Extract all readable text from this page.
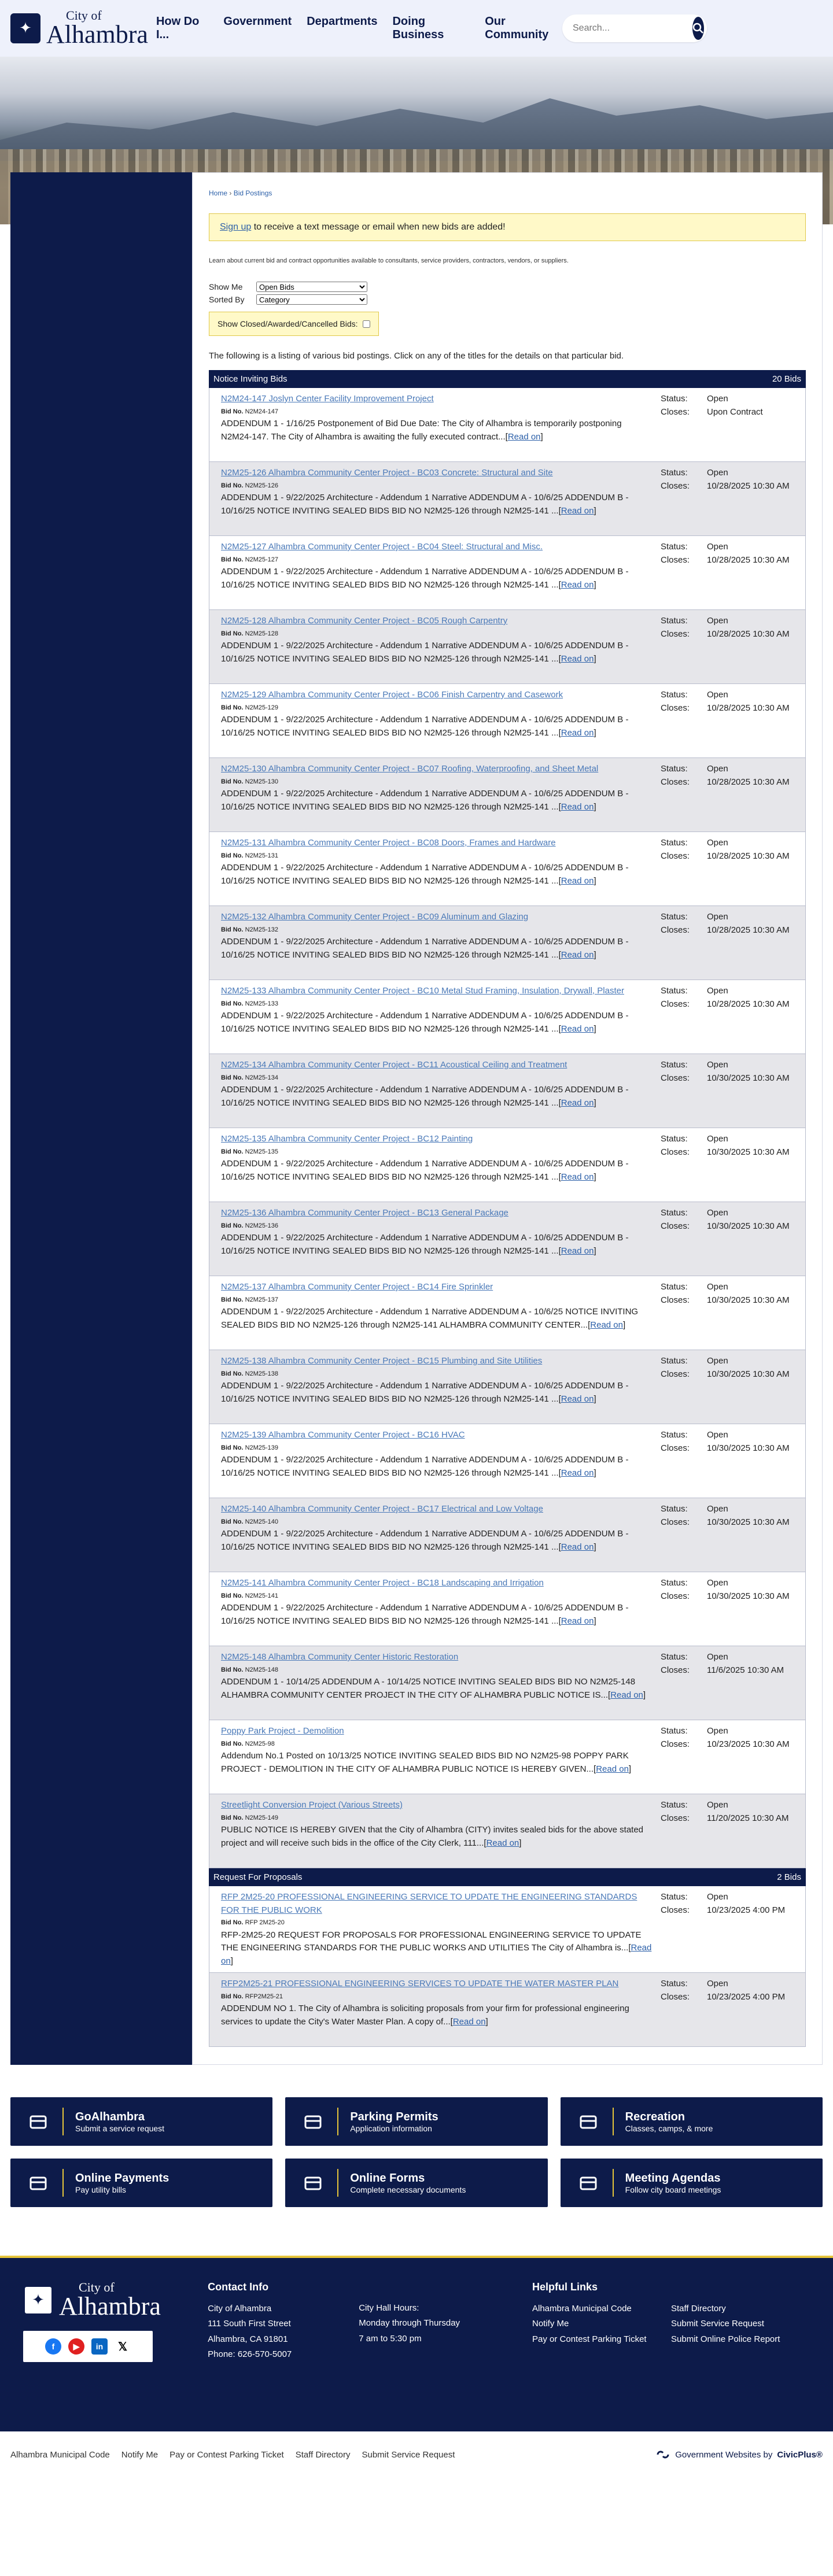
✦
City of
Alhambra How Do I...
Government Departments Doing Business
Our Community
Search...
Home › Bid Postings
Sign up to receive a text message or email when new bids are added!

Learn about current bid and contract opportunities available to consultants, service providers, contractors, vendors, or suppliers.

Show Me
Open Bids
Sorted By
Category
Show Closed/Awarded/Cancelled Bids:

The following is a listing of various bid postings. Click on any of the titles for the details on that particular bid.

Notice Inviting Bids	20 Bids
N2M24-147 Joslyn Center Facility Improvement Project
Bid No. N2M24-147
ADDENDUM 1 - 1/16/25 Postponement of Bid Due Date: The City of Alhambra is temporarily postponing N2M24-147. The City of Alhambra is awaiting the fully executed contract...[Read on]
Status:	Open
Closes:	Upon Contract
N2M25-126 Alhambra Community Center Project - BC03 Concrete: Structural and Site
Bid No. N2M25-126
ADDENDUM 1 - 9/22/2025 Architecture - Addendum 1 Narrative ADDENDUM A - 10/6/25 ADDENDUM B - 10/16/25 NOTICE INVITING SEALED BIDS BID NO N2M25-126 through N2M25-141 ...[Read on]
Status:	Open
Closes:	10/28/2025 10:30 AM
N2M25-127 Alhambra Community Center Project - BC04 Steel: Structural and Misc.
Bid No. N2M25-127
ADDENDUM 1 - 9/22/2025 Architecture - Addendum 1 Narrative ADDENDUM A - 10/6/25 ADDENDUM B - 10/16/25 NOTICE INVITING SEALED BIDS BID NO N2M25-126 through N2M25-141 ...[Read on]
Status:	Open
Closes:	10/28/2025 10:30 AM
N2M25-128 Alhambra Community Center Project - BC05 Rough Carpentry
Bid No. N2M25-128
ADDENDUM 1 - 9/22/2025 Architecture - Addendum 1 Narrative ADDENDUM A - 10/6/25 ADDENDUM B - 10/16/25 NOTICE INVITING SEALED BIDS BID NO N2M25-126 through N2M25-141 ...[Read on]
Status:	Open
Closes:	10/28/2025 10:30 AM
N2M25-129 Alhambra Community Center Project - BC06 Finish Carpentry and Casework
Bid No. N2M25-129
ADDENDUM 1 - 9/22/2025 Architecture - Addendum 1 Narrative ADDENDUM A - 10/6/25 ADDENDUM B - 10/16/25 NOTICE INVITING SEALED BIDS BID NO N2M25-126 through N2M25-141 ...[Read on]
Status:	Open
Closes:	10/28/2025 10:30 AM
N2M25-130 Alhambra Community Center Project - BC07 Roofing, Waterproofing, and Sheet Metal
Bid No. N2M25-130
ADDENDUM 1 - 9/22/2025 Architecture - Addendum 1 Narrative ADDENDUM A - 10/6/25 ADDENDUM B - 10/16/25 NOTICE INVITING SEALED BIDS BID NO N2M25-126 through N2M25-141 ...[Read on]
Status:	Open
Closes:	10/28/2025 10:30 AM
N2M25-131 Alhambra Community Center Project - BC08 Doors, Frames and Hardware
Bid No. N2M25-131
ADDENDUM 1 - 9/22/2025 Architecture - Addendum 1 Narrative ADDENDUM A - 10/6/25 ADDENDUM B - 10/16/25 NOTICE INVITING SEALED BIDS BID NO N2M25-126 through N2M25-141 ...[Read on]
Status:	Open
Closes:	10/28/2025 10:30 AM
N2M25-132 Alhambra Community Center Project - BC09 Aluminum and Glazing
Bid No. N2M25-132
ADDENDUM 1 - 9/22/2025 Architecture - Addendum 1 Narrative ADDENDUM A - 10/6/25 ADDENDUM B - 10/16/25 NOTICE INVITING SEALED BIDS BID NO N2M25-126 through N2M25-141 ...[Read on]
Status:	Open
Closes:	10/28/2025 10:30 AM
N2M25-133 Alhambra Community Center Project - BC10 Metal Stud Framing, Insulation, Drywall, Plaster
Bid No. N2M25-133
ADDENDUM 1 - 9/22/2025 Architecture - Addendum 1 Narrative ADDENDUM A - 10/6/25 ADDENDUM B - 10/16/25 NOTICE INVITING SEALED BIDS BID NO N2M25-126 through N2M25-141 ...[Read on]
Status:	Open
Closes:	10/28/2025 10:30 AM
N2M25-134 Alhambra Community Center Project - BC11 Acoustical Ceiling and Treatment
Bid No. N2M25-134
ADDENDUM 1 - 9/22/2025 Architecture - Addendum 1 Narrative ADDENDUM A - 10/6/25 ADDENDUM B - 10/16/25 NOTICE INVITING SEALED BIDS BID NO N2M25-126 through N2M25-141 ...[Read on]
Status:	Open
Closes:	10/30/2025 10:30 AM
N2M25-135 Alhambra Community Center Project - BC12 Painting
Bid No. N2M25-135
ADDENDUM 1 - 9/22/2025 Architecture - Addendum 1 Narrative ADDENDUM A - 10/6/25 ADDENDUM B - 10/16/25 NOTICE INVITING SEALED BIDS BID NO N2M25-126 through N2M25-141 ...[Read on]
Status:	Open
Closes:	10/30/2025 10:30 AM
N2M25-136 Alhambra Community Center Project - BC13 General Package
Bid No. N2M25-136
ADDENDUM 1 - 9/22/2025 Architecture - Addendum 1 Narrative ADDENDUM A - 10/6/25 ADDENDUM B - 10/16/25 NOTICE INVITING SEALED BIDS BID NO N2M25-126 through N2M25-141 ...[Read on]
Status:	Open
Closes:	10/30/2025 10:30 AM
N2M25-137 Alhambra Community Center Project - BC14 Fire Sprinkler
Bid No. N2M25-137
ADDENDUM 1 - 9/22/2025 Architecture - Addendum 1 Narrative ADDENDUM A - 10/6/25 NOTICE INVITING SEALED BIDS BID NO N2M25-126 through N2M25-141 ALHAMBRA COMMUNITY CENTER...[Read on]
Status:	Open
Closes:	10/30/2025 10:30 AM
N2M25-138 Alhambra Community Center Project - BC15 Plumbing and Site Utilities
Bid No. N2M25-138
ADDENDUM 1 - 9/22/2025 Architecture - Addendum 1 Narrative ADDENDUM A - 10/6/25 ADDENDUM B - 10/16/25 NOTICE INVITING SEALED BIDS BID NO N2M25-126 through N2M25-141 ...[Read on]
Status:	Open
Closes:	10/30/2025 10:30 AM
N2M25-139 Alhambra Community Center Project - BC16 HVAC
Bid No. N2M25-139
ADDENDUM 1 - 9/22/2025 Architecture - Addendum 1 Narrative ADDENDUM A - 10/6/25 ADDENDUM B - 10/16/25 NOTICE INVITING SEALED BIDS BID NO N2M25-126 through N2M25-141 ...[Read on]
Status:	Open
Closes:	10/30/2025 10:30 AM
N2M25-140 Alhambra Community Center Project - BC17 Electrical and Low Voltage
Bid No. N2M25-140
ADDENDUM 1 - 9/22/2025 Architecture - Addendum 1 Narrative ADDENDUM A - 10/6/25 ADDENDUM B - 10/16/25 NOTICE INVITING SEALED BIDS BID NO N2M25-126 through N2M25-141 ...[Read on]
Status:	Open
Closes:	10/30/2025 10:30 AM
N2M25-141 Alhambra Community Center Project - BC18 Landscaping and Irrigation
Bid No. N2M25-141
ADDENDUM 1 - 9/22/2025 Architecture - Addendum 1 Narrative ADDENDUM A - 10/6/25 ADDENDUM B - 10/16/25 NOTICE INVITING SEALED BIDS BID NO N2M25-126 through N2M25-141 ...[Read on]
Status:	Open
Closes:	10/30/2025 10:30 AM
N2M25-148 Alhambra Community Center Historic Restoration
Bid No. N2M25-148
ADDENDUM 1 - 10/14/25 ADDENDUM A - 10/14/25 NOTICE INVITING SEALED BIDS BID NO N2M25-148 ALHAMBRA COMMUNITY CENTER PROJECT IN THE CITY OF ALHAMBRA PUBLIC NOTICE IS...[Read on]
Status:	Open
Closes:	11/6/2025 10:30 AM
Poppy Park Project - Demolition
Bid No. N2M25-98
Addendum No.1 Posted on 10/13/25 NOTICE INVITING SEALED BIDS BID NO N2M25-98 POPPY PARK PROJECT - DEMOLITION IN THE CITY OF ALHAMBRA PUBLIC NOTICE IS HEREBY GIVEN...[Read on]
Status:	Open
Closes:	10/23/2025 10:30 AM
Streetlight Conversion Project (Various Streets)
Bid No. N2M25-149
PUBLIC NOTICE IS HEREBY GIVEN that the City of Alhambra (CITY) invites sealed bids for the above stated project and will receive such bids in the office of the City Clerk, 111...[Read on]
Status:	Open
Closes:	11/20/2025 10:30 AM
Request For Proposals	2 Bids
RFP 2M25-20 PROFESSIONAL ENGINEERING SERVICE TO UPDATE THE ENGINEERING STANDARDS FOR THE PUBLIC WORK
Bid No. RFP 2M25-20
RFP-2M25-20 REQUEST FOR PROPOSALS FOR PROFESSIONAL ENGINEERING SERVICE TO UPDATE THE ENGINEERING STANDARDS FOR THE PUBLIC WORKS AND UTILITIES The City of Alhambra is...[Read on]
Status:	Open
Closes:	10/23/2025 4:00 PM
RFP2M25-21 PROFESSIONAL ENGINEERING SERVICES TO UPDATE THE WATER MASTER PLAN
Bid No. RFP2M25-21
ADDENDUM NO 1. The City of Alhambra is soliciting proposals from your firm for professional engineering services to update the City's Water Master Plan. A copy of...[Read on]
Status:	Open
Closes:	10/23/2025 4:00 PM
GoAlhambra
Submit a service request
Parking Permits
Application information
Recreation
Classes, camps, & more
Online Payments
Pay utility bills
Online Forms
Complete necessary documents
Meeting Agendas
Follow city board meetings
✦
City of
Alhambra
f	▶	in	𝕏
Contact Info

City of Alhambra
111 South First Street
Alhambra, CA 91801
Phone: 626-570-5007

City Hall Hours:
Monday through Thursday
7 am to 5:30 pm

Helpful Links
Alhambra Municipal Code	Staff Directory
Notify Me	Submit Service Request
Pay or Contest Parking Ticket	Submit Online Police Report
Alhambra Municipal Code Notify Me Pay or Contest Parking Ticket Staff Directory Submit Service Request	Government Websites by CivicPlus®
